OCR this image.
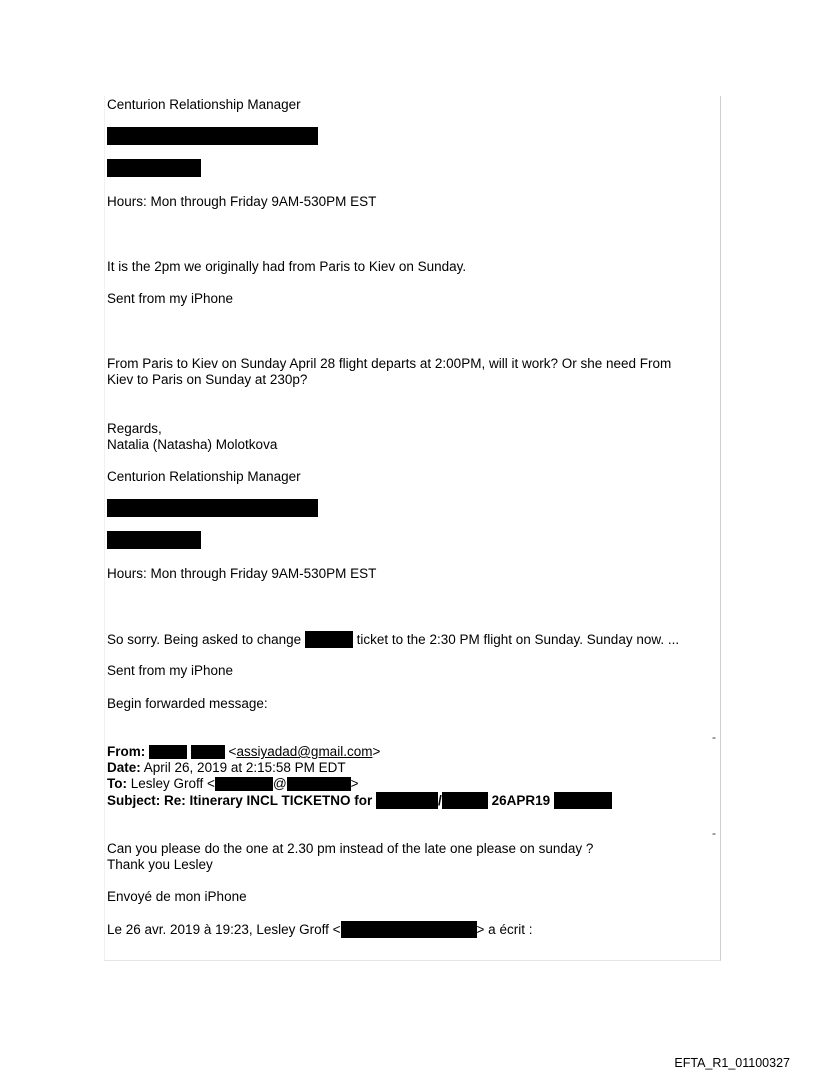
Centurion Relationship Manager
Hours: Mon through Friday 9AM-530PM EST
It is the 2pm we originally had from Paris to Kiev on Sunday.
Sent from my iPhone
From Paris to Kiev on Sunday April 28 flight departs at 2:00PM, will it work? Or she need From
Kiev to Paris on Sunday at 230p?
Regards,
Natalia (Natasha) Molotkova
Centurion Relationship Manager
Hours: Mon through Friday 9AM-530PM EST
So sorry. Being asked to change	ticket to the 2:30 PM flight on Sunday. Sunday now. ...
Sent from my iPhone
Begin forwarded message:
-
From:	<assiyadad@gmail.com>
Date: April 26, 2019 at 2:15:58 PM EDT
To: Lesley Groff <	@	>
Subject: Re: Itinerary INCL TICKETNO for	/	26APR19
-
Can you please do the one at 2.30 pm instead of the late one please on sunday ?
Thank you Lesley
Envoyé de mon iPhone
Le 26 avr. 2019 à 19:23, Lesley Groff <	> a écrit :
EFTA_R1_01100327
